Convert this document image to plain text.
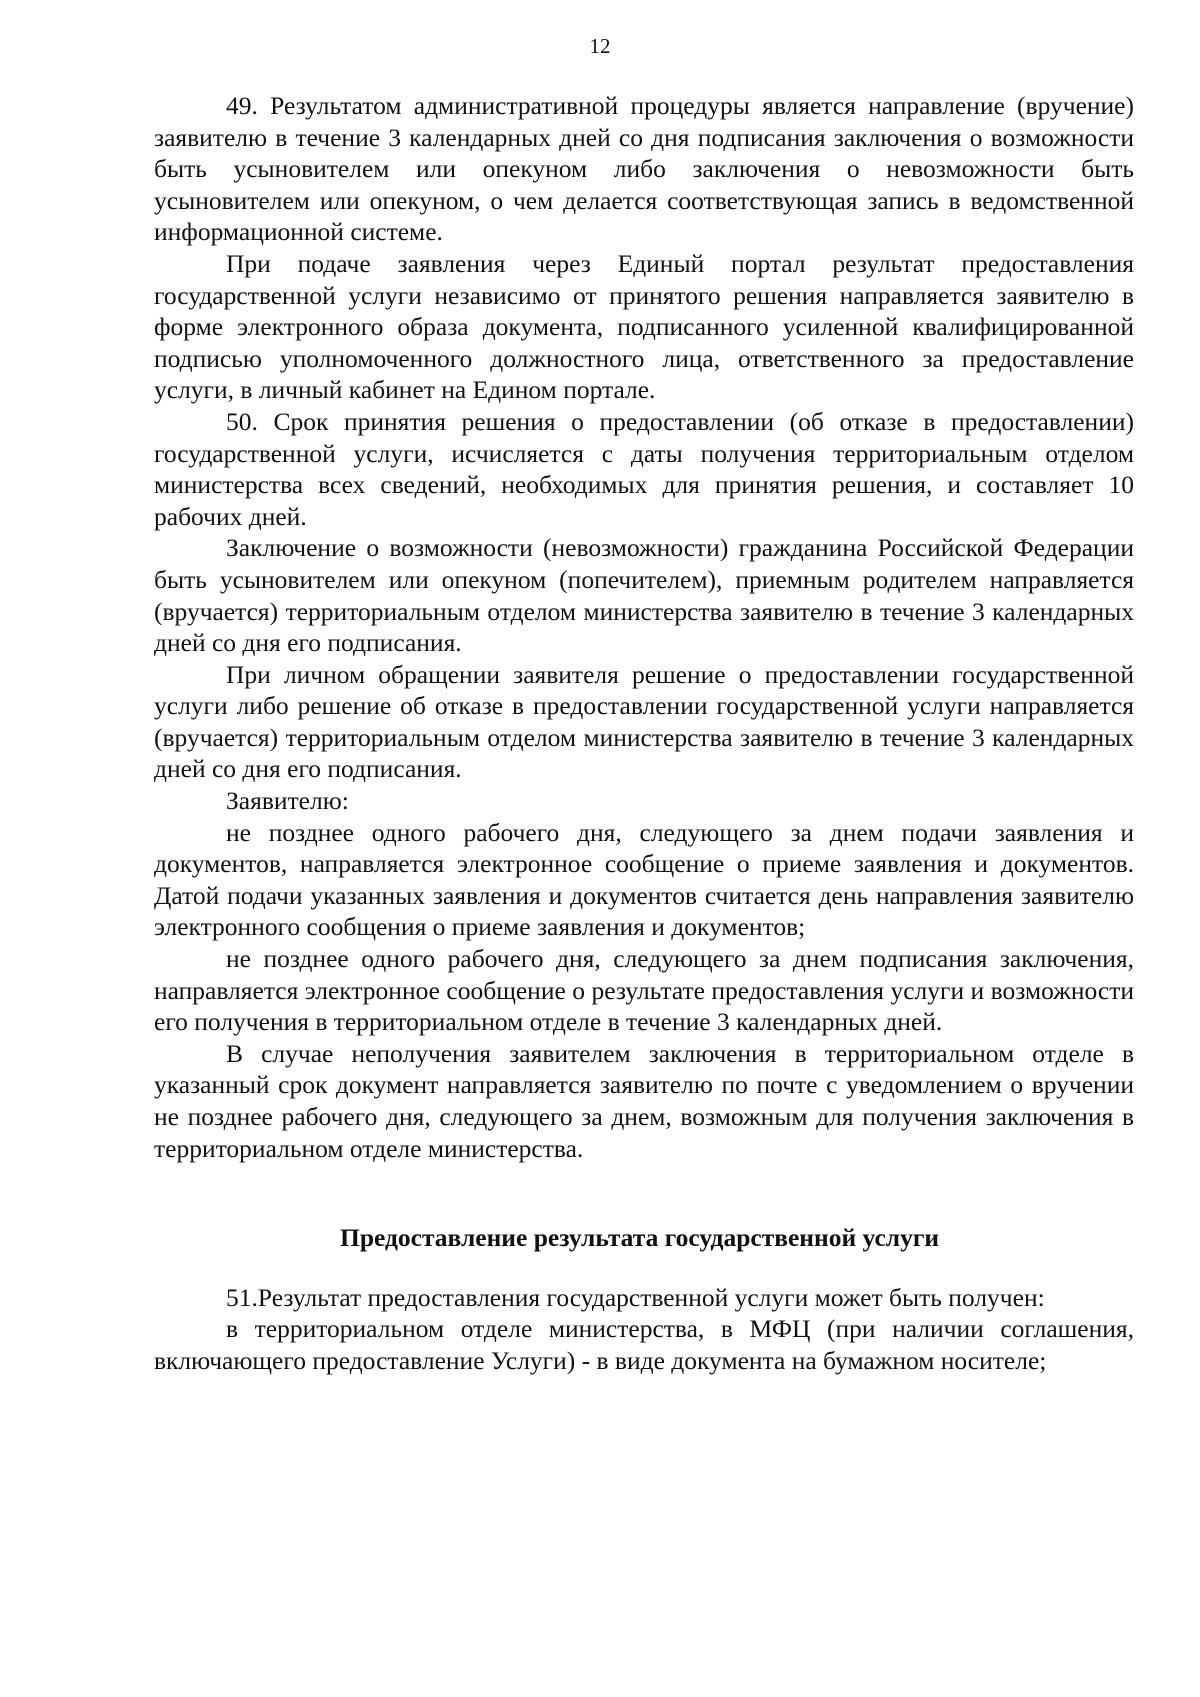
12

49. Результатом административной процедуры является направление (вручение) заявителю в течение 3 календарных дней со дня подписания заключения о возможности быть усыновителем или опекуном либо заключения о невозможности быть усыновителем или опекуном, о чем делается соответствующая запись в ведомственной информационной системе.

При подаче заявления через Единый портал результат предоставления государственной услуги независимо от принятого решения направляется заявителю в форме электронного образа документа, подписанного усиленной квалифицированной подписью уполномоченного должностного лица, ответственного за предоставление услуги, в личный кабинет на Едином портале.

50. Срок принятия решения о предоставлении (об отказе в предоставлении) государственной услуги, исчисляется с даты получения территориальным отделом министерства всех сведений, необходимых для принятия решения, и составляет 10 рабочих дней.

Заключение о возможности (невозможности) гражданина Российской Федерации быть усыновителем или опекуном (попечителем), приемным родителем направляется (вручается) территориальным отделом министерства заявителю в течение 3 календарных дней со дня его подписания.

При личном обращении заявителя решение о предоставлении государственной услуги либо решение об отказе в предоставлении государственной услуги направляется (вручается) территориальным отделом министерства заявителю в течение 3 календарных дней со дня его подписания.

Заявителю:

не позднее одного рабочего дня, следующего за днем подачи заявления и документов, направляется электронное сообщение о приеме заявления и документов. Датой подачи указанных заявления и документов считается день направления заявителю электронного сообщения о приеме заявления и документов;

не позднее одного рабочего дня, следующего за днем подписания заключения, направляется электронное сообщение о результате предоставления услуги и возможности его получения в территориальном отделе в течение 3 календарных дней.

В случае неполучения заявителем заключения в территориальном отделе в указанный срок документ направляется заявителю по почте с уведомлением о вручении не позднее рабочего дня, следующего за днем, возможным для получения заключения в территориальном отделе министерства.

Предоставление результата государственной услуги

51.Результат предоставления государственной услуги может быть получен:

в территориальном отделе министерства, в МФЦ (при наличии соглашения, включающего предоставление Услуги) - в виде документа на бумажном носителе;
